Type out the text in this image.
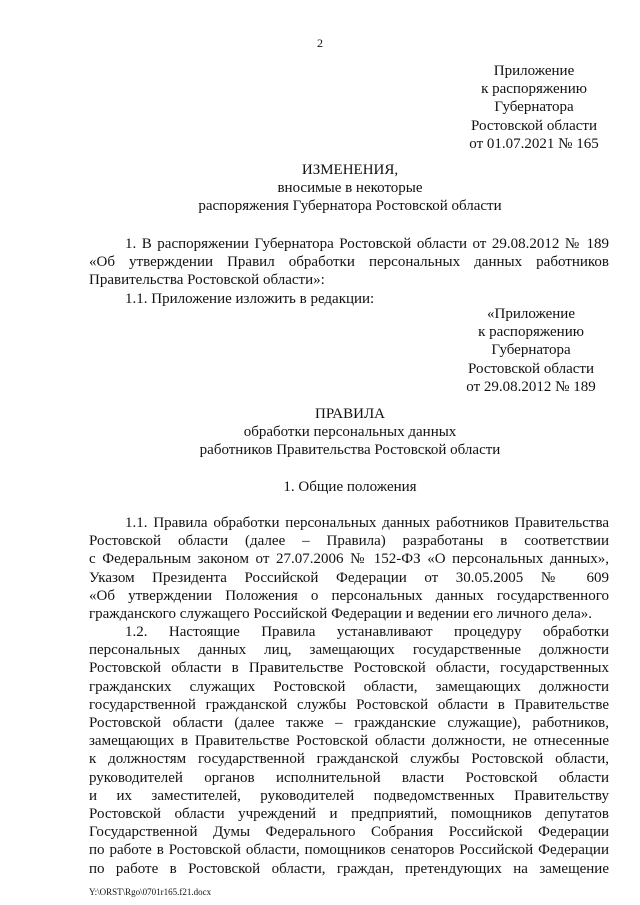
2
Приложение
к распоряжению
Губернатора
Ростовской области
от 01.07.2021 № 165
ИЗМЕНЕНИЯ,
вносимые в некоторые
распоряжения Губернатора Ростовской области
1. В распоряжении Губернатора Ростовской области от 29.08.2012 № 189
«Об утверждении Правил обработки персональных данных работников
Правительства Ростовской области»:
1.1. Приложение изложить в редакции:
«Приложение
к распоряжению
Губернатора
Ростовской области
от 29.08.2012 № 189
ПРАВИЛА
обработки персональных данных
работников Правительства Ростовской области
1. Общие положения
1.1. Правила обработки персональных данных работников Правительства
Ростовской области (далее – Правила) разработаны в соответствии
с Федеральным законом от 27.07.2006 № 152-ФЗ «О персональных данных»,
Указом Президента Российской Федерации от 30.05.2005 № 609
«Об утверждении Положения о персональных данных государственного
гражданского служащего Российской Федерации и ведении его личного дела».
1.2. Настоящие Правила устанавливают процедуру обработки
персональных данных лиц, замещающих государственные должности
Ростовской области в Правительстве Ростовской области, государственных
гражданских служащих Ростовской области, замещающих должности
государственной гражданской службы Ростовской области в Правительстве
Ростовской области (далее также – гражданские служащие), работников,
замещающих в Правительстве Ростовской области должности, не отнесенные
к должностям государственной гражданской службы Ростовской области,
руководителей органов исполнительной власти Ростовской области
и их заместителей, руководителей подведомственных Правительству
Ростовской области учреждений и предприятий, помощников депутатов
Государственной Думы Федерального Собрания Российской Федерации
по работе в Ростовской области, помощников сенаторов Российской Федерации
по работе в Ростовской области, граждан, претендующих на замещение
Y:\ORST\Rgo\0701r165.f21.docx
